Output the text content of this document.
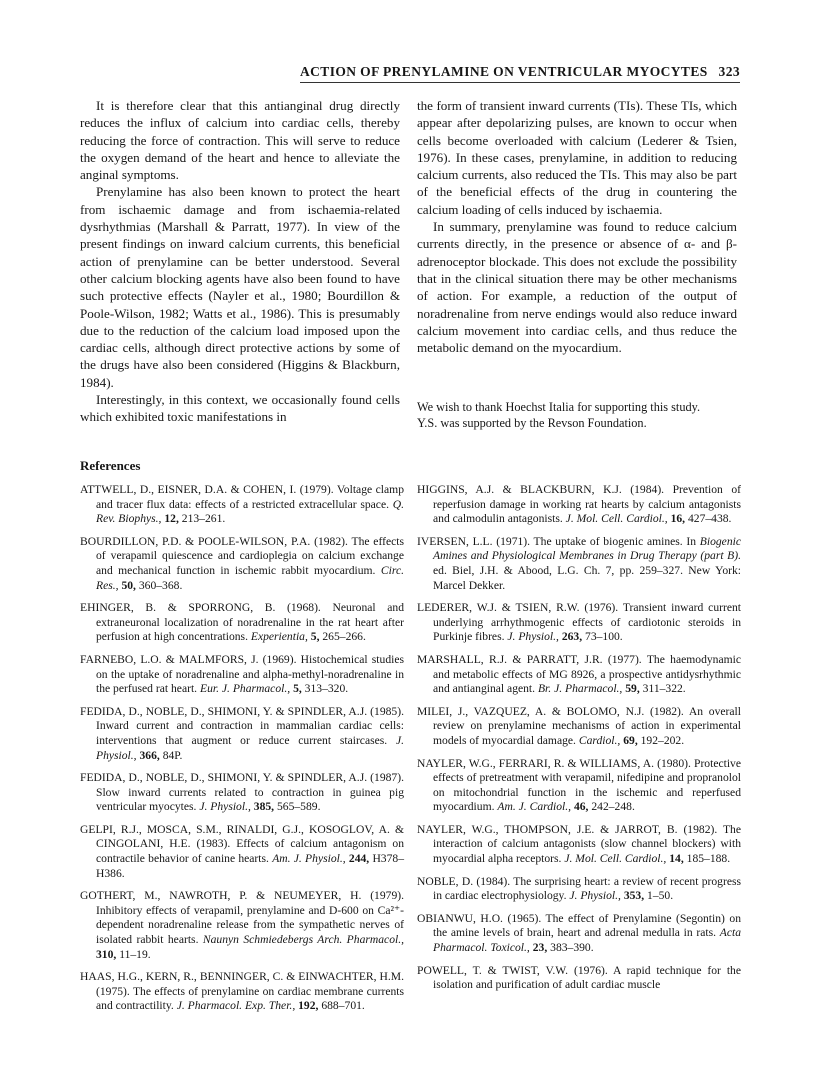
ACTION OF PRENYLAMINE ON VENTRICULAR MYOCYTES 323

It is therefore clear that this antianginal drug directly reduces the influx of calcium into cardiac cells, thereby reducing the force of contraction. This will serve to reduce the oxygen demand of the heart and hence to alleviate the anginal symptoms.

Prenylamine has also been known to protect the heart from ischaemic damage and from ischaemia-related dysrhythmias (Marshall & Parratt, 1977). In view of the present findings on inward calcium currents, this beneficial action of prenylamine can be better understood. Several other calcium blocking agents have also been found to have such protective effects (Nayler et al., 1980; Bourdillon & Poole-Wilson, 1982; Watts et al., 1986). This is presumably due to the reduction of the calcium load imposed upon the cardiac cells, although direct protective actions by some of the drugs have also been considered (Higgins & Blackburn, 1984).

Interestingly, in this context, we occasionally found cells which exhibited toxic manifestations in

the form of transient inward currents (TIs). These TIs, which appear after depolarizing pulses, are known to occur when cells become overloaded with calcium (Lederer & Tsien, 1976). In these cases, prenylamine, in addition to reducing calcium currents, also reduced the TIs. This may also be part of the beneficial effects of the drug in countering the calcium loading of cells induced by ischaemia.

In summary, prenylamine was found to reduce calcium currents directly, in the presence or absence of α- and β-adrenoceptor blockade. This does not exclude the possibility that in the clinical situation there may be other mechanisms of action. For example, a reduction of the output of noradrenaline from nerve endings would also reduce inward calcium movement into cardiac cells, and thus reduce the metabolic demand on the myocardium.

We wish to thank Hoechst Italia for supporting this study.
Y.S. was supported by the Revson Foundation.
References

ATTWELL, D., EISNER, D.A. & COHEN, I. (1979). Voltage clamp and tracer flux data: effects of a restricted extracellular space. Q. Rev. Biophys., 12, 213–261.

BOURDILLON, P.D. & POOLE-WILSON, P.A. (1982). The effects of verapamil quiescence and cardioplegia on calcium exchange and mechanical function in ischemic rabbit myocardium. Circ. Res., 50, 360–368.

EHINGER, B. & SPORRONG, B. (1968). Neuronal and extraneuronal localization of noradrenaline in the rat heart after perfusion at high concentrations. Experientia, 5, 265–266.

FARNEBO, L.O. & MALMFORS, J. (1969). Histochemical studies on the uptake of noradrenaline and alpha-methyl-noradrenaline in the perfused rat heart. Eur. J. Pharmacol., 5, 313–320.

FEDIDA, D., NOBLE, D., SHIMONI, Y. & SPINDLER, A.J. (1985). Inward current and contraction in mammalian cardiac cells: interventions that augment or reduce current staircases. J. Physiol., 366, 84P.

FEDIDA, D., NOBLE, D., SHIMONI, Y. & SPINDLER, A.J. (1987). Slow inward currents related to contraction in guinea pig ventricular myocytes. J. Physiol., 385, 565–589.

GELPI, R.J., MOSCA, S.M., RINALDI, G.J., KOSOGLOV, A. & CINGOLANI, H.E. (1983). Effects of calcium antagonism on contractile behavior of canine hearts. Am. J. Physiol., 244, H378–H386.

GOTHERT, M., NAWROTH, P. & NEUMEYER, H. (1979). Inhibitory effects of verapamil, prenylamine and D-600 on Ca²⁺-dependent noradrenaline release from the sympathetic nerves of isolated rabbit hearts. Naunyn Schmiedebergs Arch. Pharmacol., 310, 11–19.

HAAS, H.G., KERN, R., BENNINGER, C. & EINWACHTER, H.M. (1975). The effects of prenylamine on cardiac membrane currents and contractility. J. Pharmacol. Exp. Ther., 192, 688–701.

HIGGINS, A.J. & BLACKBURN, K.J. (1984). Prevention of reperfusion damage in working rat hearts by calcium antagonists and calmodulin antagonists. J. Mol. Cell. Cardiol., 16, 427–438.

IVERSEN, L.L. (1971). The uptake of biogenic amines. In Biogenic Amines and Physiological Membranes in Drug Therapy (part B). ed. Biel, J.H. & Abood, L.G. Ch. 7, pp. 259–327. New York: Marcel Dekker.

LEDERER, W.J. & TSIEN, R.W. (1976). Transient inward current underlying arrhythmogenic effects of cardiotonic steroids in Purkinje fibres. J. Physiol., 263, 73–100.

MARSHALL, R.J. & PARRATT, J.R. (1977). The haemodynamic and metabolic effects of MG 8926, a prospective antidysrhythmic and antianginal agent. Br. J. Pharmacol., 59, 311–322.

MILEI, J., VAZQUEZ, A. & BOLOMO, N.J. (1982). An overall review on prenylamine mechanisms of action in experimental models of myocardial damage. Cardiol., 69, 192–202.

NAYLER, W.G., FERRARI, R. & WILLIAMS, A. (1980). Protective effects of pretreatment with verapamil, nifedipine and propranolol on mitochondrial function in the ischemic and reperfused myocardium. Am. J. Cardiol., 46, 242–248.

NAYLER, W.G., THOMPSON, J.E. & JARROT, B. (1982). The interaction of calcium antagonists (slow channel blockers) with myocardial alpha receptors. J. Mol. Cell. Cardiol., 14, 185–188.

NOBLE, D. (1984). The surprising heart: a review of recent progress in cardiac electrophysiology. J. Physiol., 353, 1–50.

OBIANWU, H.O. (1965). The effect of Prenylamine (Segontin) on the amine levels of brain, heart and adrenal medulla in rats. Acta Pharmacol. Toxicol., 23, 383–390.

POWELL, T. & TWIST, V.W. (1976). A rapid technique for the isolation and purification of adult cardiac muscle
